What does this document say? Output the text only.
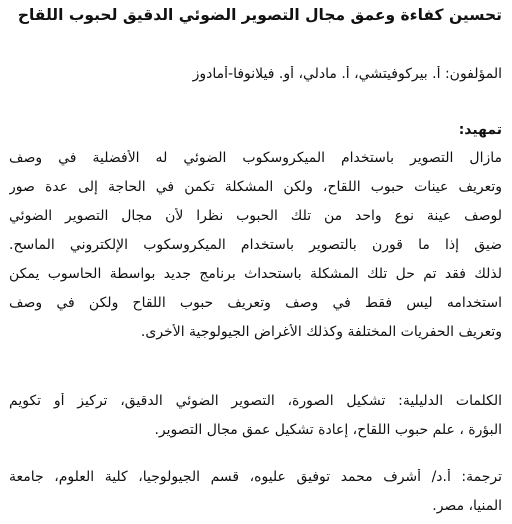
تحسين كفاءة وعمق مجال التصوير الضوئي الدقيق لحبوب اللقاح

المؤلفون: أ. بيركوفيتشي، أ. مادلي، أو. فيلانوفا-أمادوز

تمهيد:

مازال التصوير باستخدام الميكروسكوب الضوئي له الأفضلية في وصف

وتعريف عينات حبوب اللقاح، ولكن المشكلة تكمن في الحاجة إلى عدة صور

لوصف عينة نوع واحد من تلك الحبوب نظرا لأن مجال التصوير الضوئي

ضيق إذا ما قورن بالتصوير باستخدام الميكروسكوب الإلكتروني الماسح.

لذلك فقد تم حل تلك المشكلة باستحداث برنامج جديد بواسطة الحاسوب يمكن

استخدامه ليس فقط في وصف وتعريف حبوب اللقاح ولكن في وصف

وتعريف الحفريات المختلفة وكذلك الأغراض الجيولوجية الأخرى.

الكلمات الدليلية: تشكيل الصورة، التصوير الضوئي الدقيق، تركيز أو تكويم

البؤرة ، علم حبوب اللقاح، إعادة تشكيل عمق مجال التصوير.

ترجمة: أ.د/ أشرف محمد توفيق عليوه، قسم الجيولوجيا، كلية العلوم، جامعة

المنيا، مصر.
